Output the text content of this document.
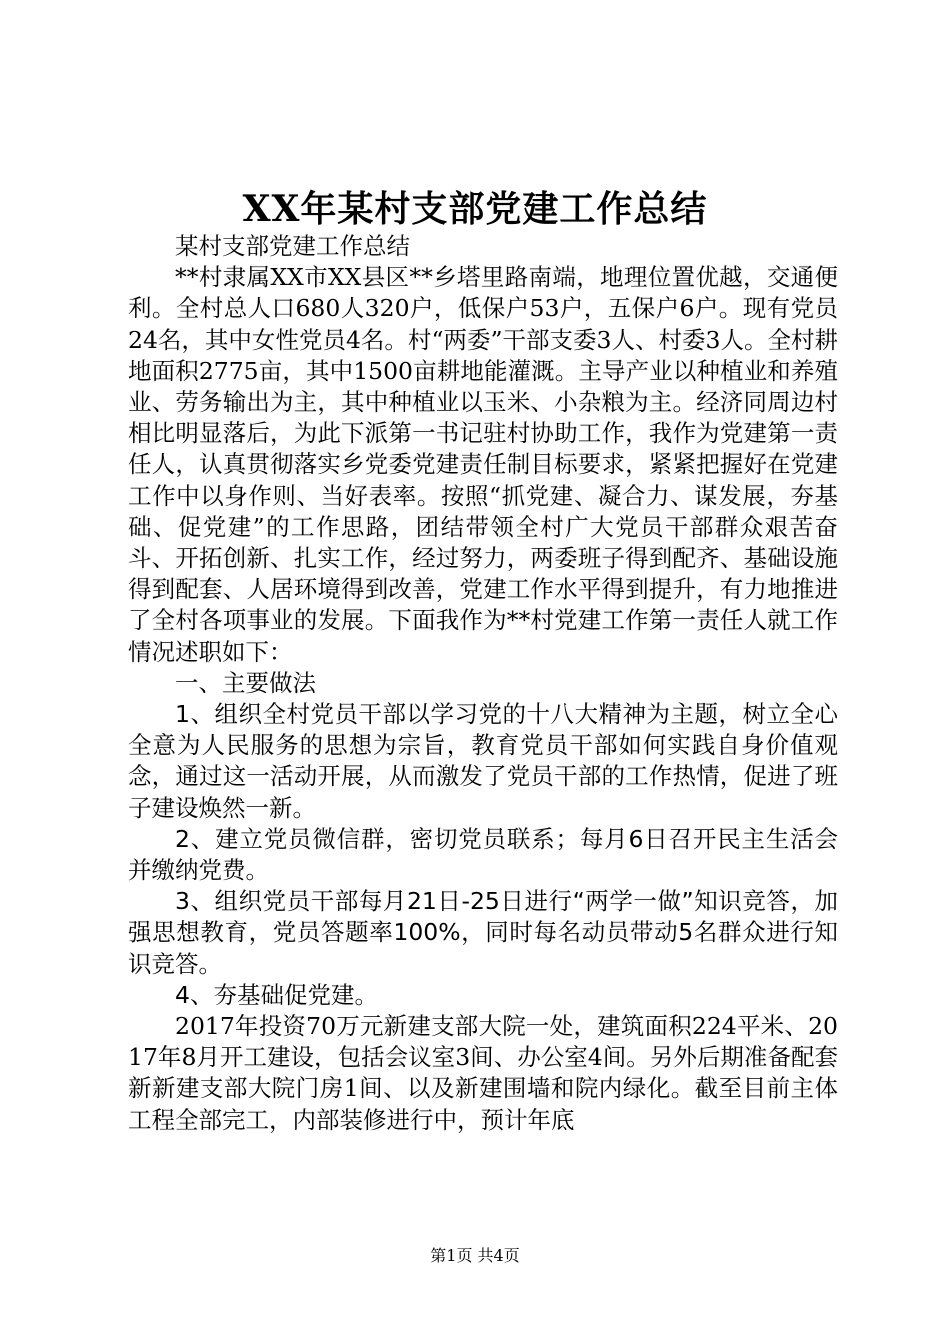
XX年某村支部党建工作总结

某村支部党建工作总结

**村隶属XX市XX县区**乡塔里路南端，地理位置优越，交通便利。全村总人口680人320户，低保户53户，五保户6户。现有党员24名，其中女性党员4名。村“两委”干部支委3人、村委3人。全村耕地面积2775亩，其中1500亩耕地能灌溉。主导产业以种植业和养殖业、劳务输出为主，其中种植业以玉米、小杂粮为主。经济同周边村相比明显落后，为此下派第一书记驻村协助工作，我作为党建第一责任人，认真贯彻落实乡党委党建责任制目标要求，紧紧把握好在党建工作中以身作则、当好表率。按照“抓党建、凝合力、谋发展，夯基础、促党建”的工作思路，团结带领全村广大党员干部群众艰苦奋斗、开拓创新、扎实工作，经过努力，两委班子得到配齐、基础设施得到配套、人居环境得到改善，党建工作水平得到提升，有力地推进了全村各项事业的发展。下面我作为**村党建工作第一责任人就工作情况述职如下：

一、主要做法

1、组织全村党员干部以学习党的十八大精神为主题，树立全心全意为人民服务的思想为宗旨，教育党员干部如何实践自身价值观念，通过这一活动开展，从而激发了党员干部的工作热情，促进了班子建设焕然一新。

2、建立党员微信群，密切党员联系；每月6日召开民主生活会并缴纳党费。

3、组织党员干部每月21日-25日进行“两学一做”知识竞答，加强思想教育，党员答题率100%，同时每名动员带动5名群众进行知识竞答。

4、夯基础促党建。

2017年投资70万元新建支部大院一处，建筑面积224平米、2017年8月开工建设，包括会议室3间、办公室4间。另外后期准备配套新新建支部大院门房1间、以及新建围墙和院内绿化。截至目前主体工程全部完工，内部装修进行中，预计年底

第1页 共4页
